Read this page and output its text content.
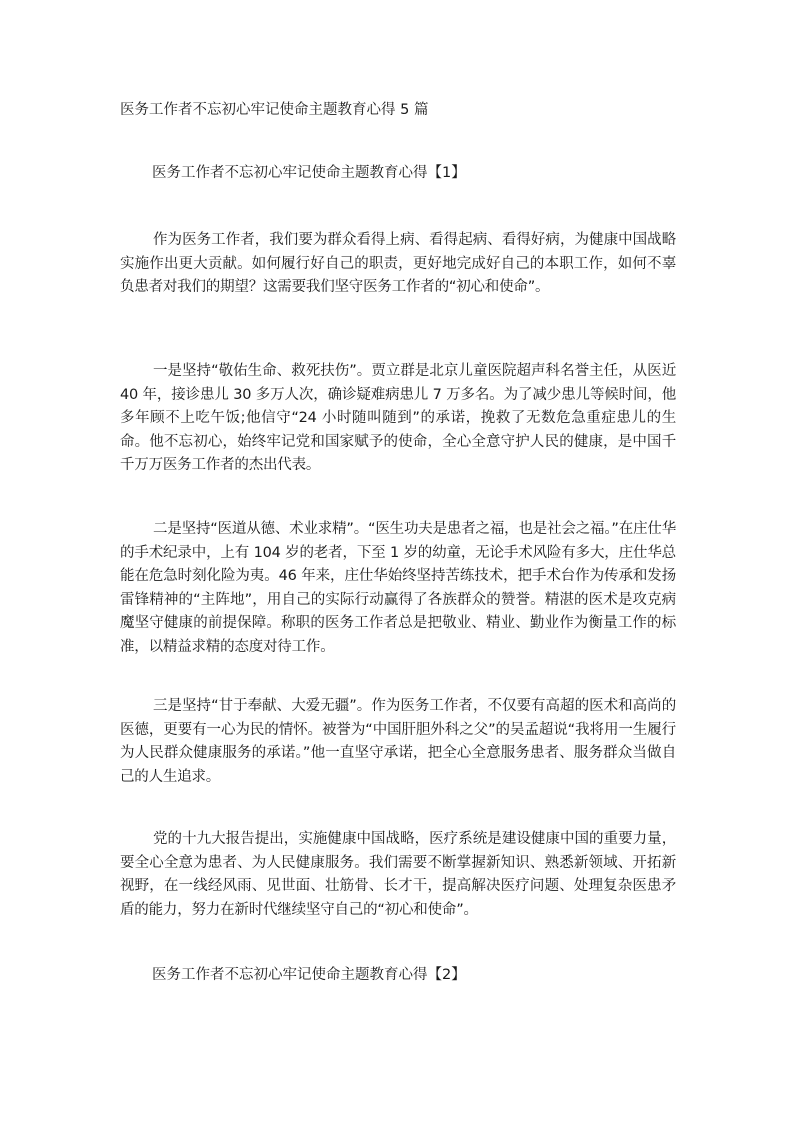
医务工作者不忘初心牢记使命主题教育心得 5 篇
医务工作者不忘初心牢记使命主题教育心得【1】

作为医务工作者，我们要为群众看得上病、看得起病、看得好病，为健康中国战略实施作出更大贡献。如何履行好自己的职责，更好地完成好自己的本职工作，如何不辜负患者对我们的期望？这需要我们坚守医务工作者的“初心和使命”。

一是坚持“敬佑生命、救死扶伤”。贾立群是北京儿童医院超声科名誉主任，从医近 40 年，接诊患儿 30 多万人次，确诊疑难病患儿 7 万多名。为了减少患儿等候时间，他多年顾不上吃午饭;他信守“24 小时随叫随到”的承诺，挽救了无数危急重症患儿的生命。他不忘初心，始终牢记党和国家赋予的使命，全心全意守护人民的健康，是中国千千万万医务工作者的杰出代表。

二是坚持“医道从德、术业求精”。“医生功夫是患者之福，也是社会之福。”在庄仕华的手术纪录中，上有 104 岁的老者，下至 1 岁的幼童，无论手术风险有多大，庄仕华总能在危急时刻化险为夷。46 年来，庄仕华始终坚持苦练技术，把手术台作为传承和发扬雷锋精神的“主阵地”，用自己的实际行动赢得了各族群众的赞誉。精湛的医术是攻克病魔坚守健康的前提保障。称职的医务工作者总是把敬业、精业、勤业作为衡量工作的标准，以精益求精的态度对待工作。

三是坚持“甘于奉献、大爱无疆”。作为医务工作者，不仅要有高超的医术和高尚的医德，更要有一心为民的情怀。被誉为“中国肝胆外科之父”的吴孟超说“我将用一生履行为人民群众健康服务的承诺。”他一直坚守承诺，把全心全意服务患者、服务群众当做自己的人生追求。

党的十九大报告提出，实施健康中国战略，医疗系统是建设健康中国的重要力量，要全心全意为患者、为人民健康服务。我们需要不断掌握新知识、熟悉新领域、开拓新视野，在一线经风雨、见世面、壮筋骨、长才干，提高解决医疗问题、处理复杂医患矛盾的能力，努力在新时代继续坚守自己的“初心和使命”。

医务工作者不忘初心牢记使命主题教育心得【2】
